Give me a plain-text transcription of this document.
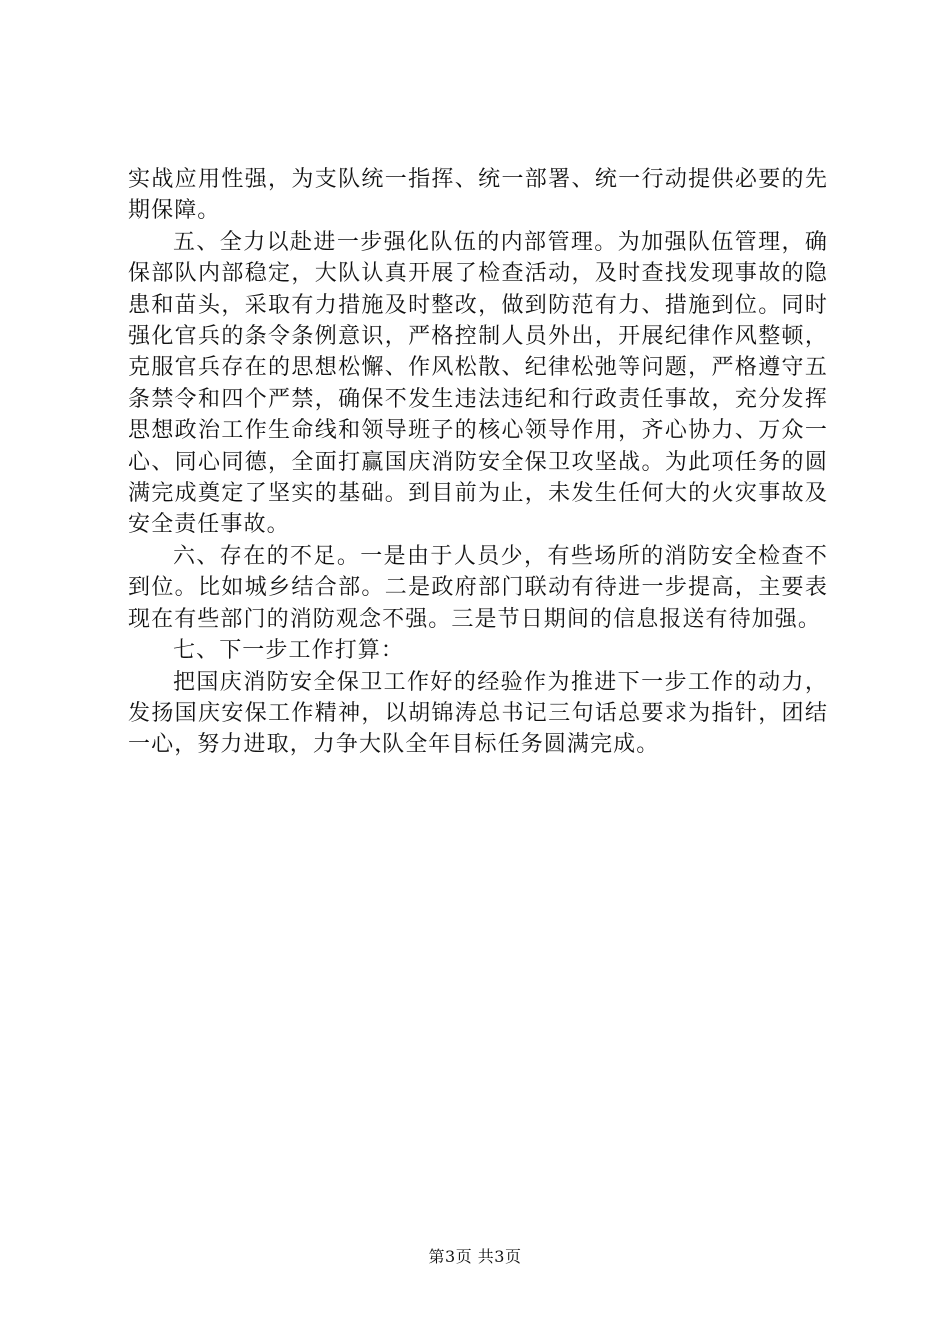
实战应用性强，为支队统一指挥、统一部署、统一行动提供必要的先期保障。

五、全力以赴进一步强化队伍的内部管理。为加强队伍管理，确保部队内部稳定，大队认真开展了检查活动，及时查找发现事故的隐患和苗头，采取有力措施及时整改，做到防范有力、措施到位。同时强化官兵的条令条例意识，严格控制人员外出，开展纪律作风整顿，克服官兵存在的思想松懈、作风松散、纪律松弛等问题，严格遵守五条禁令和四个严禁，确保不发生违法违纪和行政责任事故，充分发挥思想政治工作生命线和领导班子的核心领导作用，齐心协力、万众一心、同心同德，全面打赢国庆消防安全保卫攻坚战。为此项任务的圆满完成奠定了坚实的基础。到目前为止，未发生任何大的火灾事故及安全责任事故。

六、存在的不足。一是由于人员少，有些场所的消防安全检查不到位。比如城乡结合部。二是政府部门联动有待进一步提高，主要表现在有些部门的消防观念不强。三是节日期间的信息报送有待加强。

七、下一步工作打算：

把国庆消防安全保卫工作好的经验作为推进下一步工作的动力，发扬国庆安保工作精神，以胡锦涛总书记三句话总要求为指针，团结一心，努力进取，力争大队全年目标任务圆满完成。

第3页 共3页
